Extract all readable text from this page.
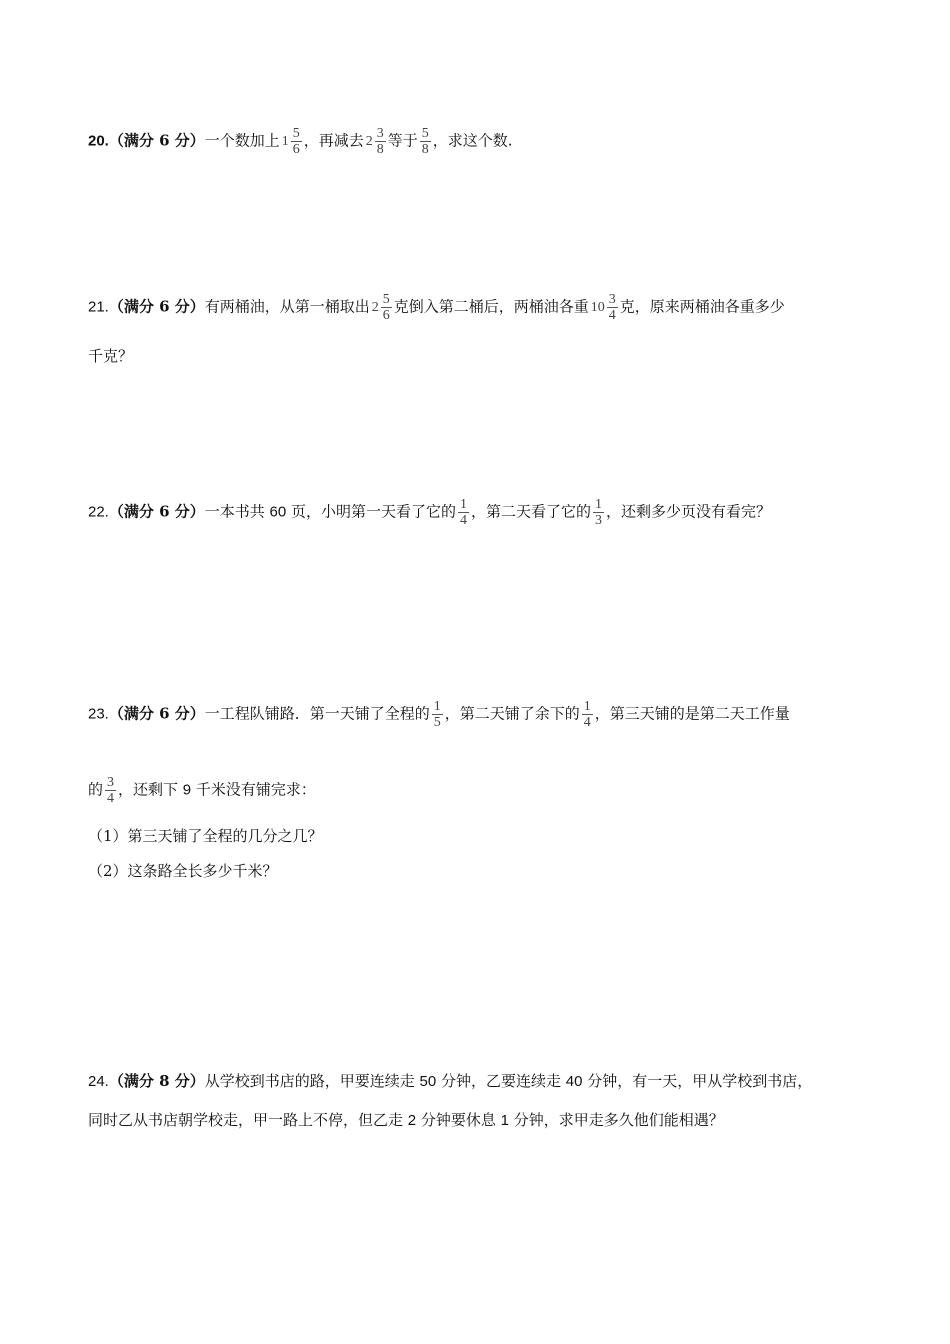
20.（满分 6 分）一个数加上 $1 \frac{5}{6}$ ，再减去 $2 \frac{3}{8}$ 等于 $\frac{5}{8}$ ，求这个数.
21.（满分 6 分）有两桶油，从第一桶取出 $2 \frac{5}{6}$ 克倒入第二桶后，两桶油各重 $10 \frac{3}{4}$ 克，原来两桶油各重多少
千克？
22.（满分 6 分）一本书共 60 页，小明第一天看了它的 $\frac{1}{4}$ ，第二天看了它的 $\frac{1}{3}$ ，还剩多少页没有看完？
23.（满分 6 分）一工程队铺路．第一天铺了全程的 $\frac{1}{5}$ ，第二天铺了余下的 $\frac{1}{4}$ ，第三天铺的是第二天工作量
的 $\frac{3}{4}$ ，还剩下 9 千米没有铺完求：
（1）第三天铺了全程的几分之几？
（2）这条路全长多少千米？
24.（满分 8 分）从学校到书店的路，甲要连续走 50 分钟，乙要连续走 40 分钟，有一天，甲从学校到书店，
同时乙从书店朝学校走，甲一路上不停，但乙走 2 分钟要休息 1 分钟，求甲走多久他们能相遇？
